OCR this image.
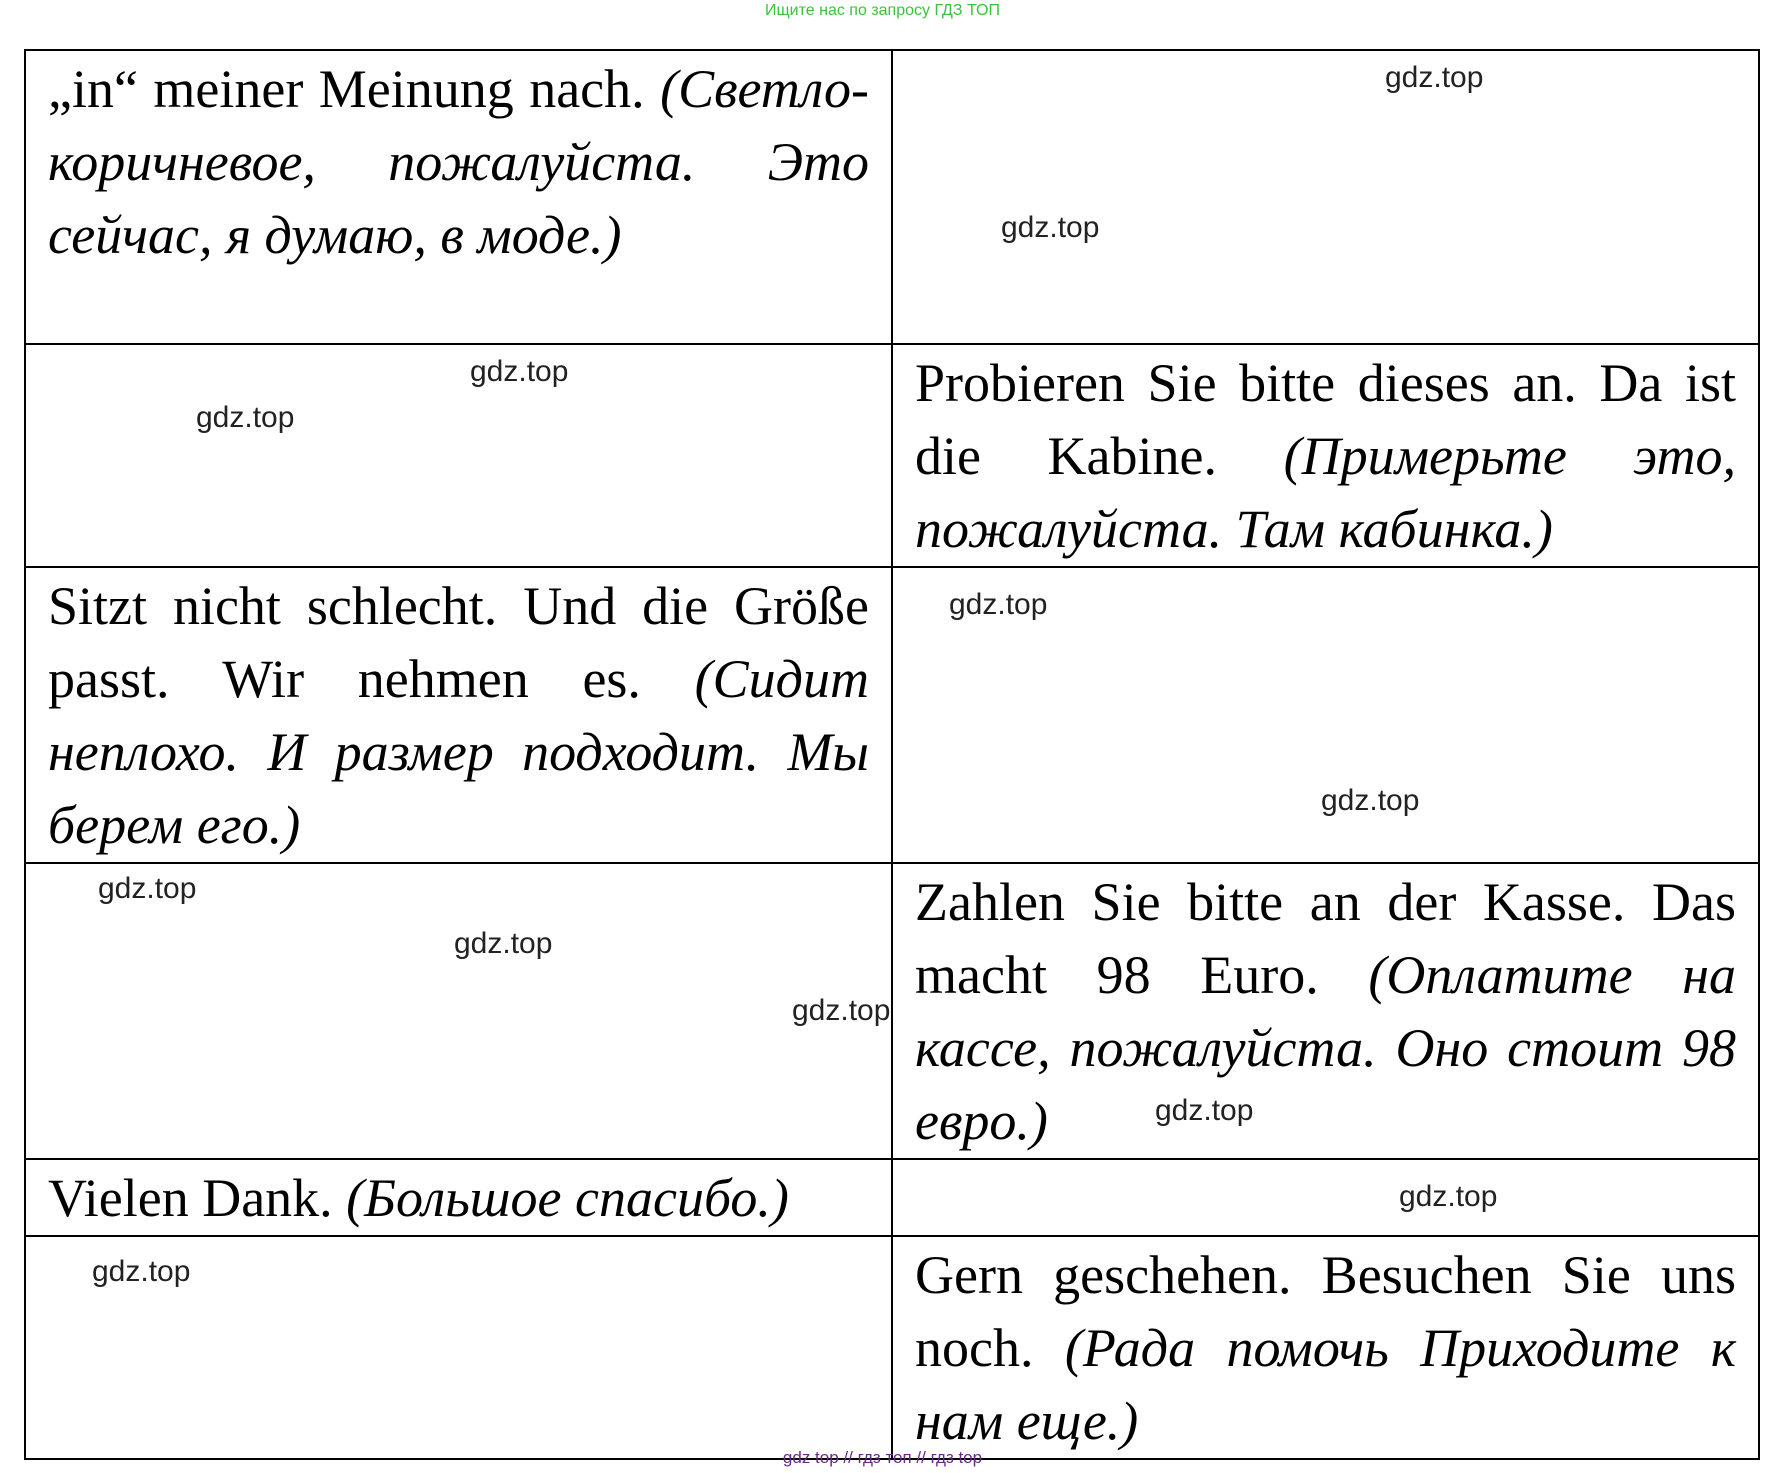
Ищите нас по запросу ГДЗ ТОП
„in“ meiner Meinung nach. (Светло-коричневое, пожалуйста. Это сейчас, я думаю, в моде.)	gdz.top
gdz.top

gdz.top
gdz.top	Probieren Sie bitte dieses an. Da ist die Kabine. (Примерьте это, пожалуйста. Там кабинка.)

Sitzt nicht schlecht. Und die Größe passt. Wir nehmen es. (Сидит неплохо. И размер подходит. Мы берем его.)	gdz.top
gdz.top

gdz.top
gdz.top
gdz.top	Zahlen Sie bitte an der Kasse. Das macht 98 Euro. (Оплатите на кассе, пожалуйста. Оно стоит 98 евро.) gdz.top

Vielen Dank. (Большое спасибо.)	gdz.top

gdz.top	Gern geschehen. Besuchen Sie uns noch. (Рада помочь Приходите к нам еще.)
gdz top // гдз топ // гдз top
